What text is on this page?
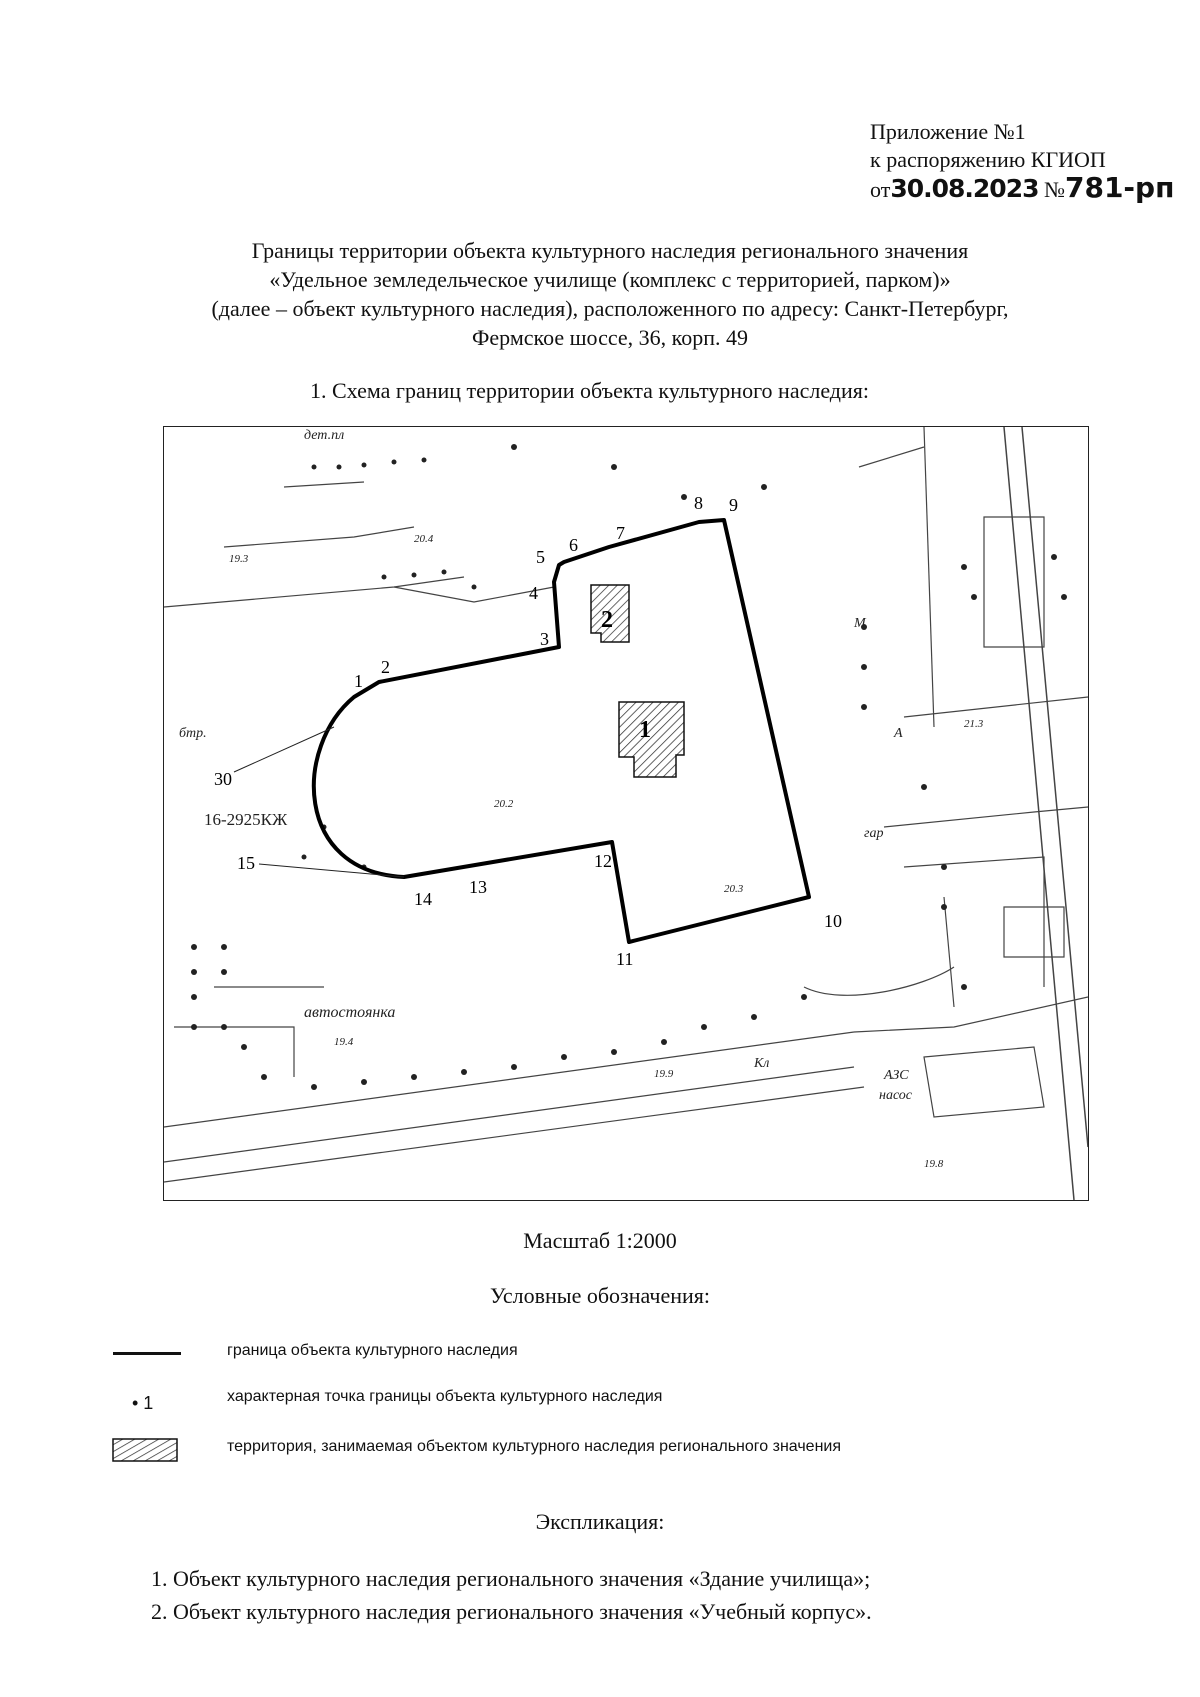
Приложение №1
к распоряжению КГИОП
от30.08.2023 №781-рп
Границы территории объекта культурного наследия регионального значения
«Удельное земледельческое училище (комплекс с территорией, парком)»
(далее – объект культурного наследия), расположенного по адресу: Санкт-Петербург,
Фермское шоссе, 36, корп. 49
1. Схема границ территории объекта культурного наследия:
1
2
3
4
5
6
7
8 9
10
11
12
13
14
15
30
2
1
автостоянка
16-2925КЖ
бтр.
гар
АЗС
насос
Кл
А
М
дет.пл
20.4
19.3
19.8
19.4
19.9
20.3
20.2
21.3
Масштаб 1:2000
Условные обозначения:
граница объекта культурного наследия
• 1	характерная точка границы объекта культурного наследия
территория, занимаемая объектом культурного наследия регионального значения
Экспликация:
1. Объект культурного наследия регионального значения «Здание училища»;
2. Объект культурного наследия регионального значения «Учебный корпус».
